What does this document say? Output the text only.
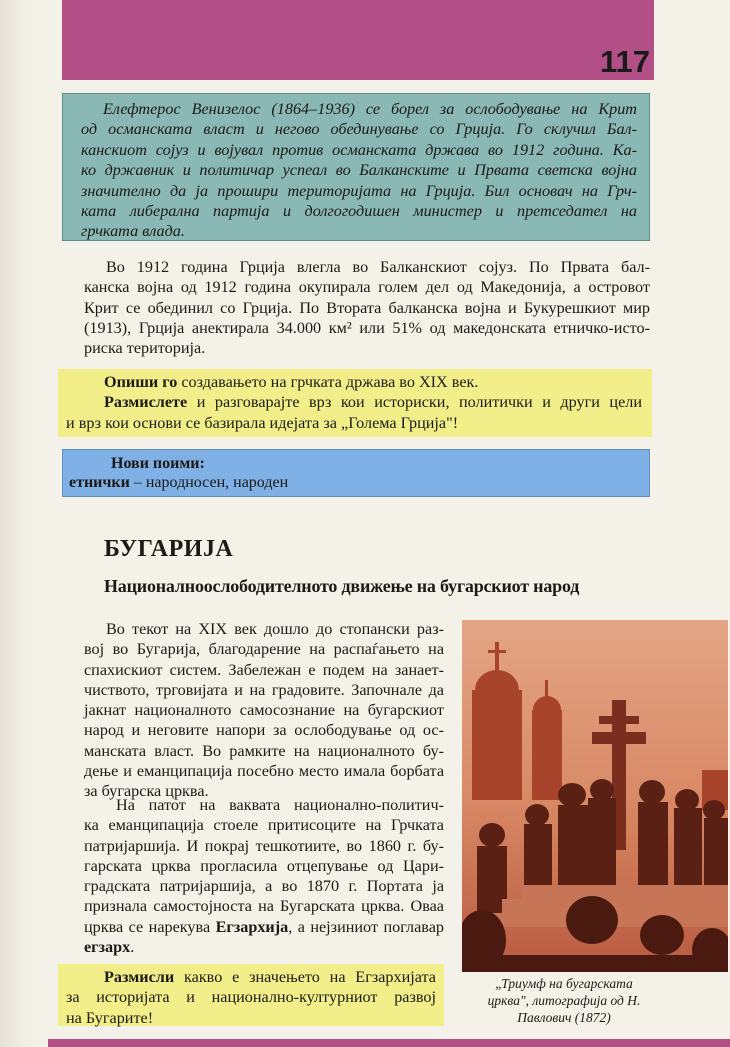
117

Елефтерос Венизелос (1864–1936) се борел за ослободување на Крит

од османската власт и негово обединување со Грција. Го склучил Бал-

канскиот сојуз и војувал против османската држава во 1912 година. Ка-

ко државник и политичар успеал во Балканските и Првата светска војна

значително да ја прошири територијата на Грција. Бил основач на Грч-

ката либерална партија и долгогодишен министер и претседател на

грчката влада.

Во 1912 година Грција влегла во Балканскиот сојуз. По Првата бал-

канска војна од 1912 година окупирала голем дел од Македонија, а островот

Крит се обединил со Грција. По Втората балканска војна и Букурешкиот мир

(1913), Грција анектирала 34.000 км² или 51% од македонската етничко-исто-

риска територија.

Опиши го создавањето на грчката држава во XIX век.

Размислете и разговарајте врз кои историски, политички и други цели

и врз кои основи се базирала идејата за „Голема Грција"!

Нови поими:

етнички – народносен, народен

БУГАРИЈА
Националноослободителното движење на бугарскиот народ

Во текот на XIX век дошло до стопански раз-

вој во Бугарија, благодарение на распаѓањето на

спахискиот систем. Забележан е подем на занает-

чиството, трговијата и на градовите. Започнале да

јакнат националното самосознание на бугарскиот

народ и неговите напори за ослободување од ос-

манската власт. Во рамките на националното бу-

дење и еманципација посебно место имала борбата

за бугарска црква.

На патот на ваквата национално-политич-

ка еманципација стоеле притисоците на Грчката

патријаршија. И покрај тешкотиите, во 1860 г. бу-

гарската црква прогласила отцепување од Цари-

градската патријаршија, а во 1870 г. Портата ја

признала самостојноста на Бугарската црква. Оваа

црква се нарекува Егзархија, а нејзиниот поглавар

егзарх.

Размисли какво е значењето на Егзархијата

за историјата и национално-културниот развој

на Бугарите!

„Триумф на бугарската
црква", литографија од Н.
Павлович (1872)
